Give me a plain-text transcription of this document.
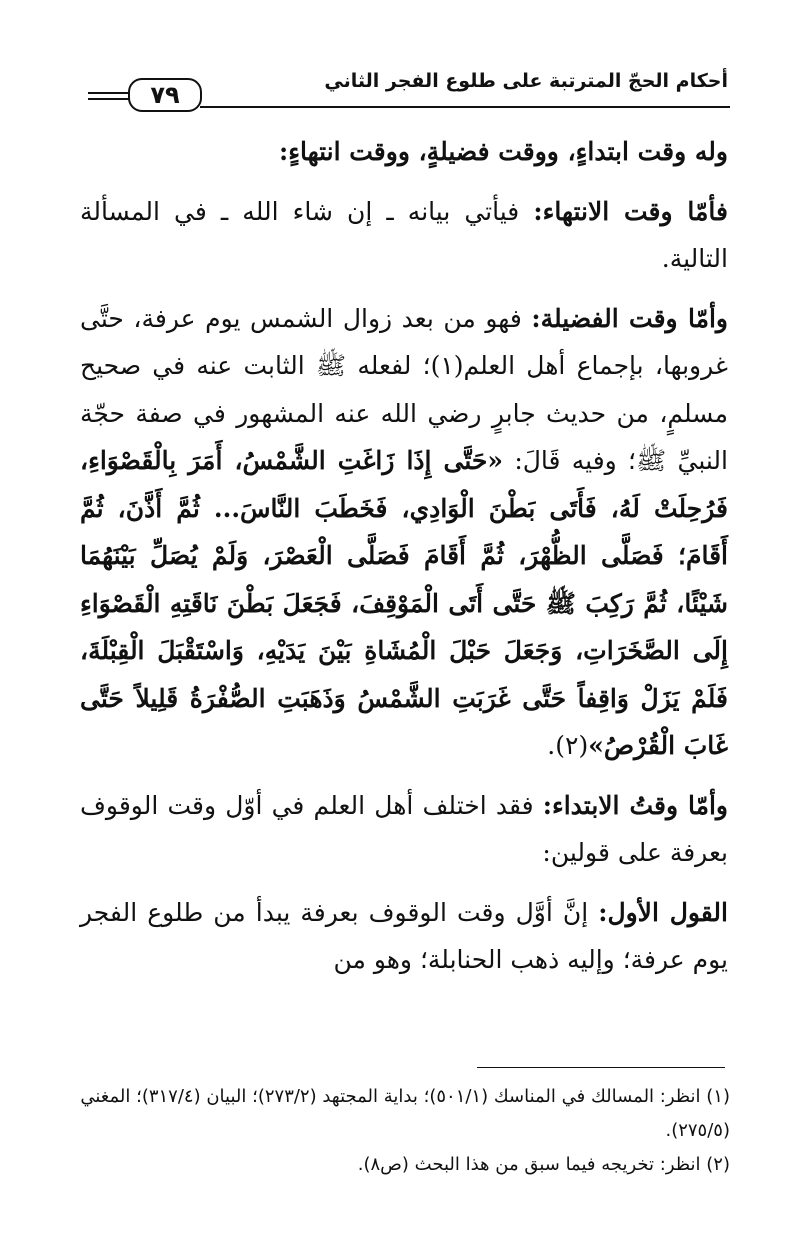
أحكام الحجّ المترتبة على طلوع الفجر الثاني
٧٩

وله وقت ابتداءٍ، ووقت فضيلةٍ، ووقت انتهاءٍ:

فأمّا وقت الانتهاء: فيأتي بيانه ـ إن شاء الله ـ في المسألة التالية.

وأمّا وقت الفضيلة: فهو من بعد زوال الشمس يوم عرفة، حتَّى غروبها، بإجماع أهل العلم(١)؛ لفعله ﷺ الثابت عنه في صحيح مسلمٍ، من حديث جابرٍ رضي الله عنه المشهور في صفة حجّة النبيِّ ﷺ؛ وفيه قَالَ: «حَتَّى إِذَا زَاغَتِ الشَّمْسُ، أَمَرَ بِالْقَصْوَاءِ، فَرُحِلَتْ لَهُ، فَأَتَى بَطْنَ الْوَادِي، فَخَطَبَ النَّاسَ... ثُمَّ أَذَّنَ، ثُمَّ أَقَامَ؛ فَصَلَّى الظُّهْرَ، ثُمَّ أَقَامَ فَصَلَّى الْعَصْرَ، وَلَمْ يُصَلِّ بَيْنَهُمَا شَيْئًا، ثُمَّ رَكِبَ ﷺ حَتَّى أَتَى الْمَوْقِفَ، فَجَعَلَ بَطْنَ نَاقَتِهِ الْقَصْوَاءِ إِلَى الصَّخَرَاتِ، وَجَعَلَ حَبْلَ الْمُشَاةِ بَيْنَ يَدَيْهِ، وَاسْتَقْبَلَ الْقِبْلَةَ، فَلَمْ يَزَلْ وَاقِفاً حَتَّى غَرَبَتِ الشَّمْسُ وَذَهَبَتِ الصُّفْرَةُ قَلِيلاً حَتَّى غَابَ الْقُرْصُ»(٢).

وأمّا وقتُ الابتداء: فقد اختلف أهل العلم في أوّل وقت الوقوف بعرفة على قولين:

القول الأول: إنَّ أوَّل وقت الوقوف بعرفة يبدأ من طلوع الفجر يوم عرفة؛ وإليه ذهب الحنابلة؛ وهو من

(١) انظر: المسالك في المناسك (٥٠١/١)؛ بداية المجتهد (٢٧٣/٢)؛ البيان (٣١٧/٤)؛ المغني (٢٧٥/٥).

(٢) انظر: تخريجه فيما سبق من هذا البحث (ص٨).
